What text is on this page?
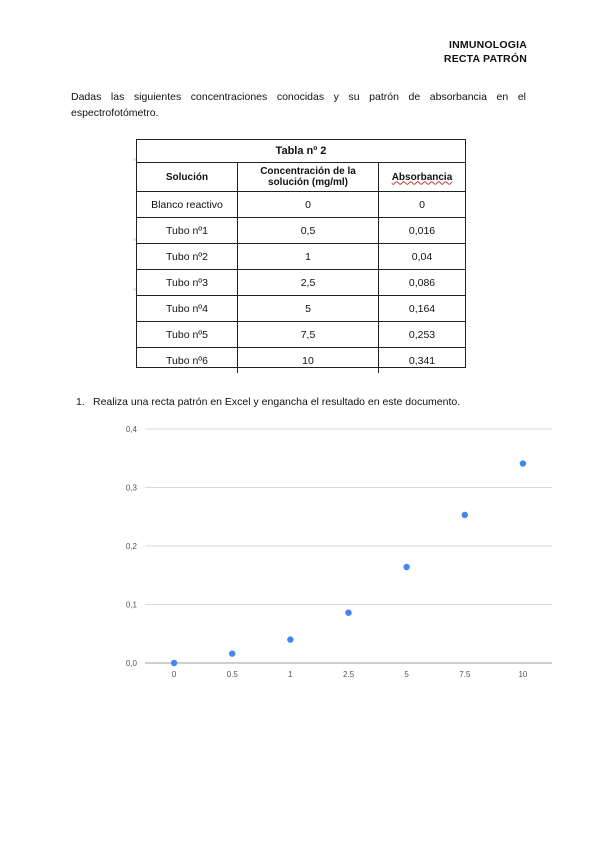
INMUNOLOGIA
RECTA PATRÓN
Dadas las siguientes concentraciones conocidas y su patrón de absorbancia en el espectrofotómetro.
Tabla nº 2		
Solución	Concentración de la solución (mg/ml)	Absorbancia
Blanco reactivo	0	0
Tubo nº1	0,5	0,016
Tubo nº2	1	0,04
Tubo nº3	2,5	0,086
Tubo nº4	5	0,164
Tubo nº5	7,5	0,253
Tubo nº6	10	0,341
1. Realiza una recta patrón en Excel y engancha el resultado en este documento.
0,0
0,1
0,2
0,3
0,4
0	0.5	1	2.5	5	7.5	10
